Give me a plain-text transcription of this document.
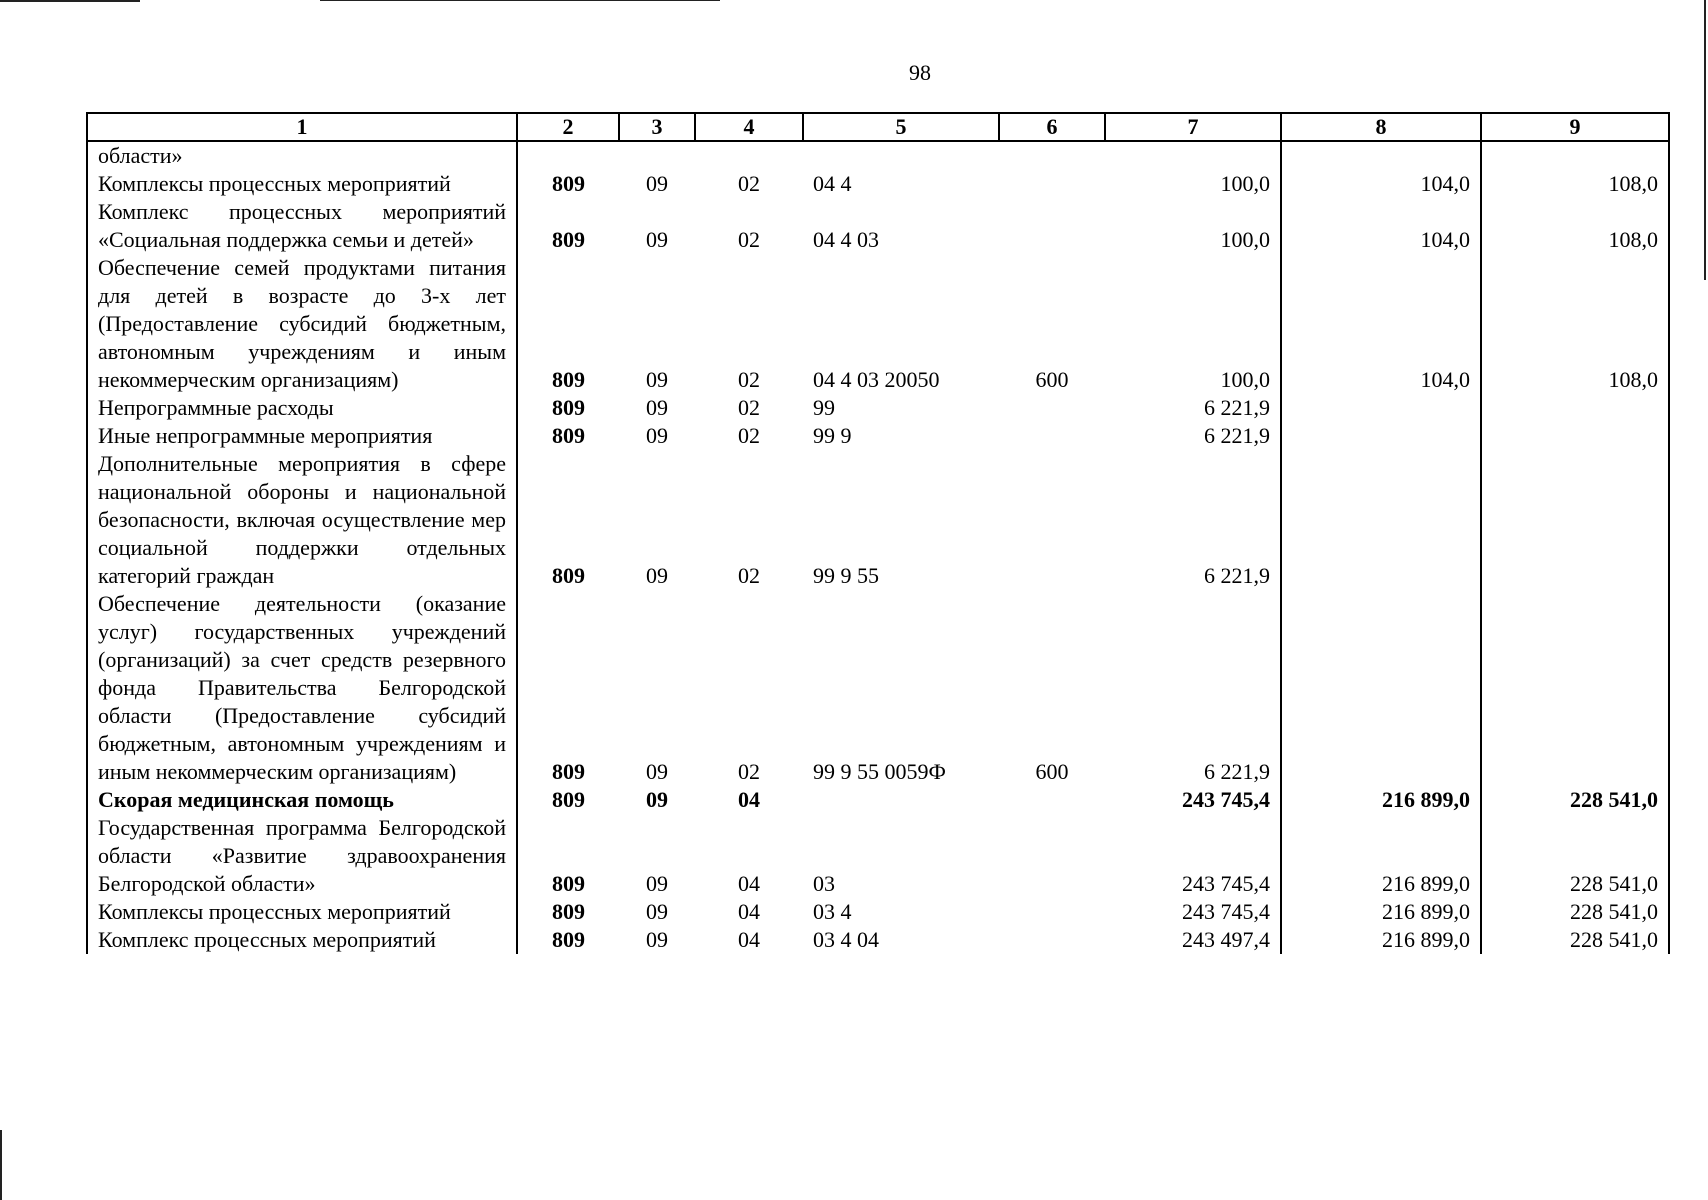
98
1	2	3	4	5	6	7	8	9
области»								
Комплексы процессных мероприятий	809	09	02	04 4		100,0	104,0	108,0
Комплекс процессных мероприятий «Социальная поддержка семьи и детей»	809	09	02	04 4 03		100,0	104,0	108,0
Обеспечение семей продуктами питания для детей в возрасте до 3-х лет (Предоставление субсидий бюджетным, автономным учреждениям и иным некоммерческим организациям)	809	09	02	04 4 03 20050	600	100,0	104,0	108,0
Непрограммные расходы	809	09	02	99		6 221,9		
Иные непрограммные мероприятия	809	09	02	99 9		6 221,9		
Дополнительные мероприятия в сфере национальной обороны и национальной безопасности, включая осуществление мер социальной поддержки отдельных категорий граждан	809	09	02	99 9 55		6 221,9		
Обеспечение деятельности (оказание услуг) государственных учреждений (организаций) за счет средств резервного фонда Правительства Белгородской области (Предоставление субсидий бюджетным, автономным учреждениям и иным некоммерческим организациям)	809	09	02	99 9 55 0059Ф	600	6 221,9		
Скорая медицинская помощь	809	09	04			243 745,4	216 899,0	228 541,0
Государственная программа Белгородской области «Развитие здравоохранения Белгородской области»	809	09	04	03		243 745,4	216 899,0	228 541,0
Комплексы процессных мероприятий	809	09	04	03 4		243 745,4	216 899,0	228 541,0
Комплекс процессных мероприятий	809	09	04	03 4 04		243 497,4	216 899,0	228 541,0
